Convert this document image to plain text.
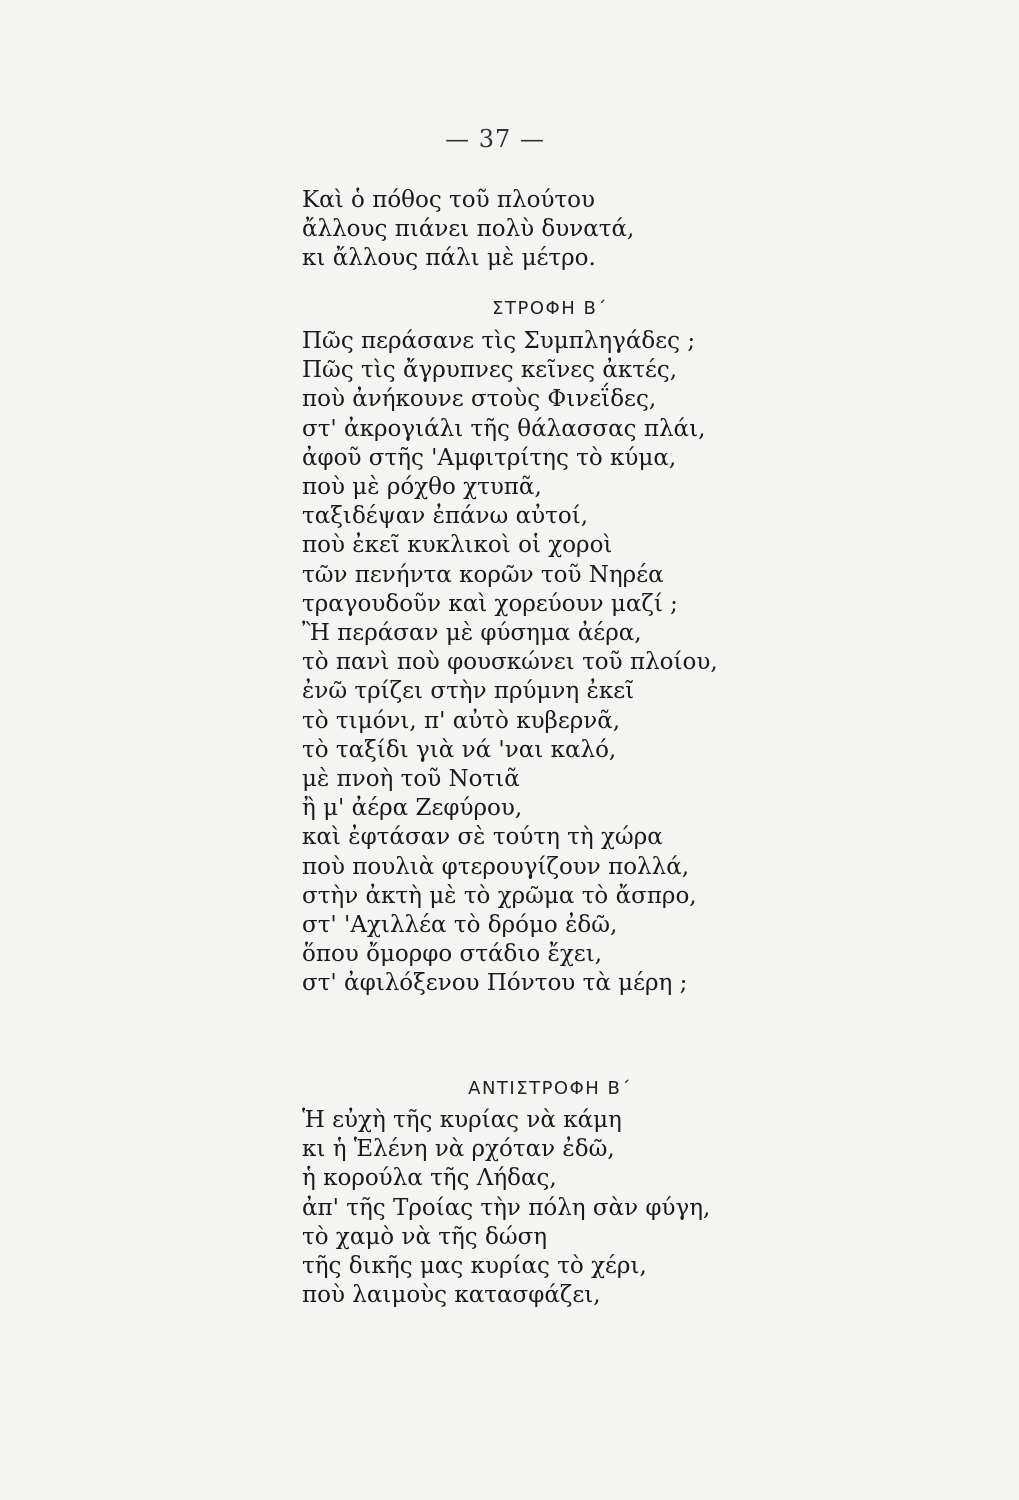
— 37 —
Καὶ ὁ πόθος τοῦ πλούτου
ἄλλους πιάνει πολὺ δυνατά,
κι ἄλλους πάλι μὲ μέτρο.
ΣΤΡΟΦΗ Β΄
Πῶς περάσανε τὶς Συμπληγάδες ;
Πῶς τὶς ἄγρυπνες κεῖνες ἀκτές,
ποὺ ἀνήκουνε στοὺς Φινεΐδες,
στ' ἀκρογιάλι τῆς θάλασσας πλάι,
ἀφοῦ στῆς 'Αμφιτρίτης τὸ κύμα,
ποὺ μὲ ρόχθο χτυπᾶ,
ταξιδέψαν ἐπάνω αὐτοί,
ποὺ ἐκεῖ κυκλικοὶ οἱ χοροὶ
τῶν πενήντα κορῶν τοῦ Νηρέα
τραγουδοῦν καὶ χορεύουν μαζί ;
Ἢ περάσαν μὲ φύσημα ἀέρα,
τὸ πανὶ ποὺ φουσκώνει τοῦ πλοίου,
ἐνῶ τρίζει στὴν πρύμνη ἐκεῖ
τὸ τιμόνι, π' αὐτὸ κυβερνᾶ,
τὸ ταξίδι γιὰ νά 'ναι καλό,
μὲ πνοὴ τοῦ Νοτιᾶ
ἢ μ' ἀέρα Ζεφύρου,
καὶ ἐφτάσαν σὲ τούτη τὴ χώρα
ποὺ πουλιὰ φτερουγίζουν πολλά,
στὴν ἀκτὴ μὲ τὸ χρῶμα τὸ ἄσπρο,
στ' 'Αχιλλέα τὸ δρόμο ἐδῶ,
ὅπου ὄμορφο στάδιο ἔχει,
στ' ἀφιλόξενου Πόντου τὰ μέρη ;
ΑΝΤΙΣΤΡΟΦΗ Β΄
Ἡ εὐχὴ τῆς κυρίας νὰ κάμη
κι ἡ Ἑλένη νὰ ρχόταν ἐδῶ,
ἡ κορούλα τῆς Λήδας,
ἀπ' τῆς Τροίας τὴν πόλη σὰν φύγη,
τὸ χαμὸ νὰ τῆς δώση
τῆς δικῆς μας κυρίας τὸ χέρι,
ποὺ λαιμοὺς κατασφάζει,
